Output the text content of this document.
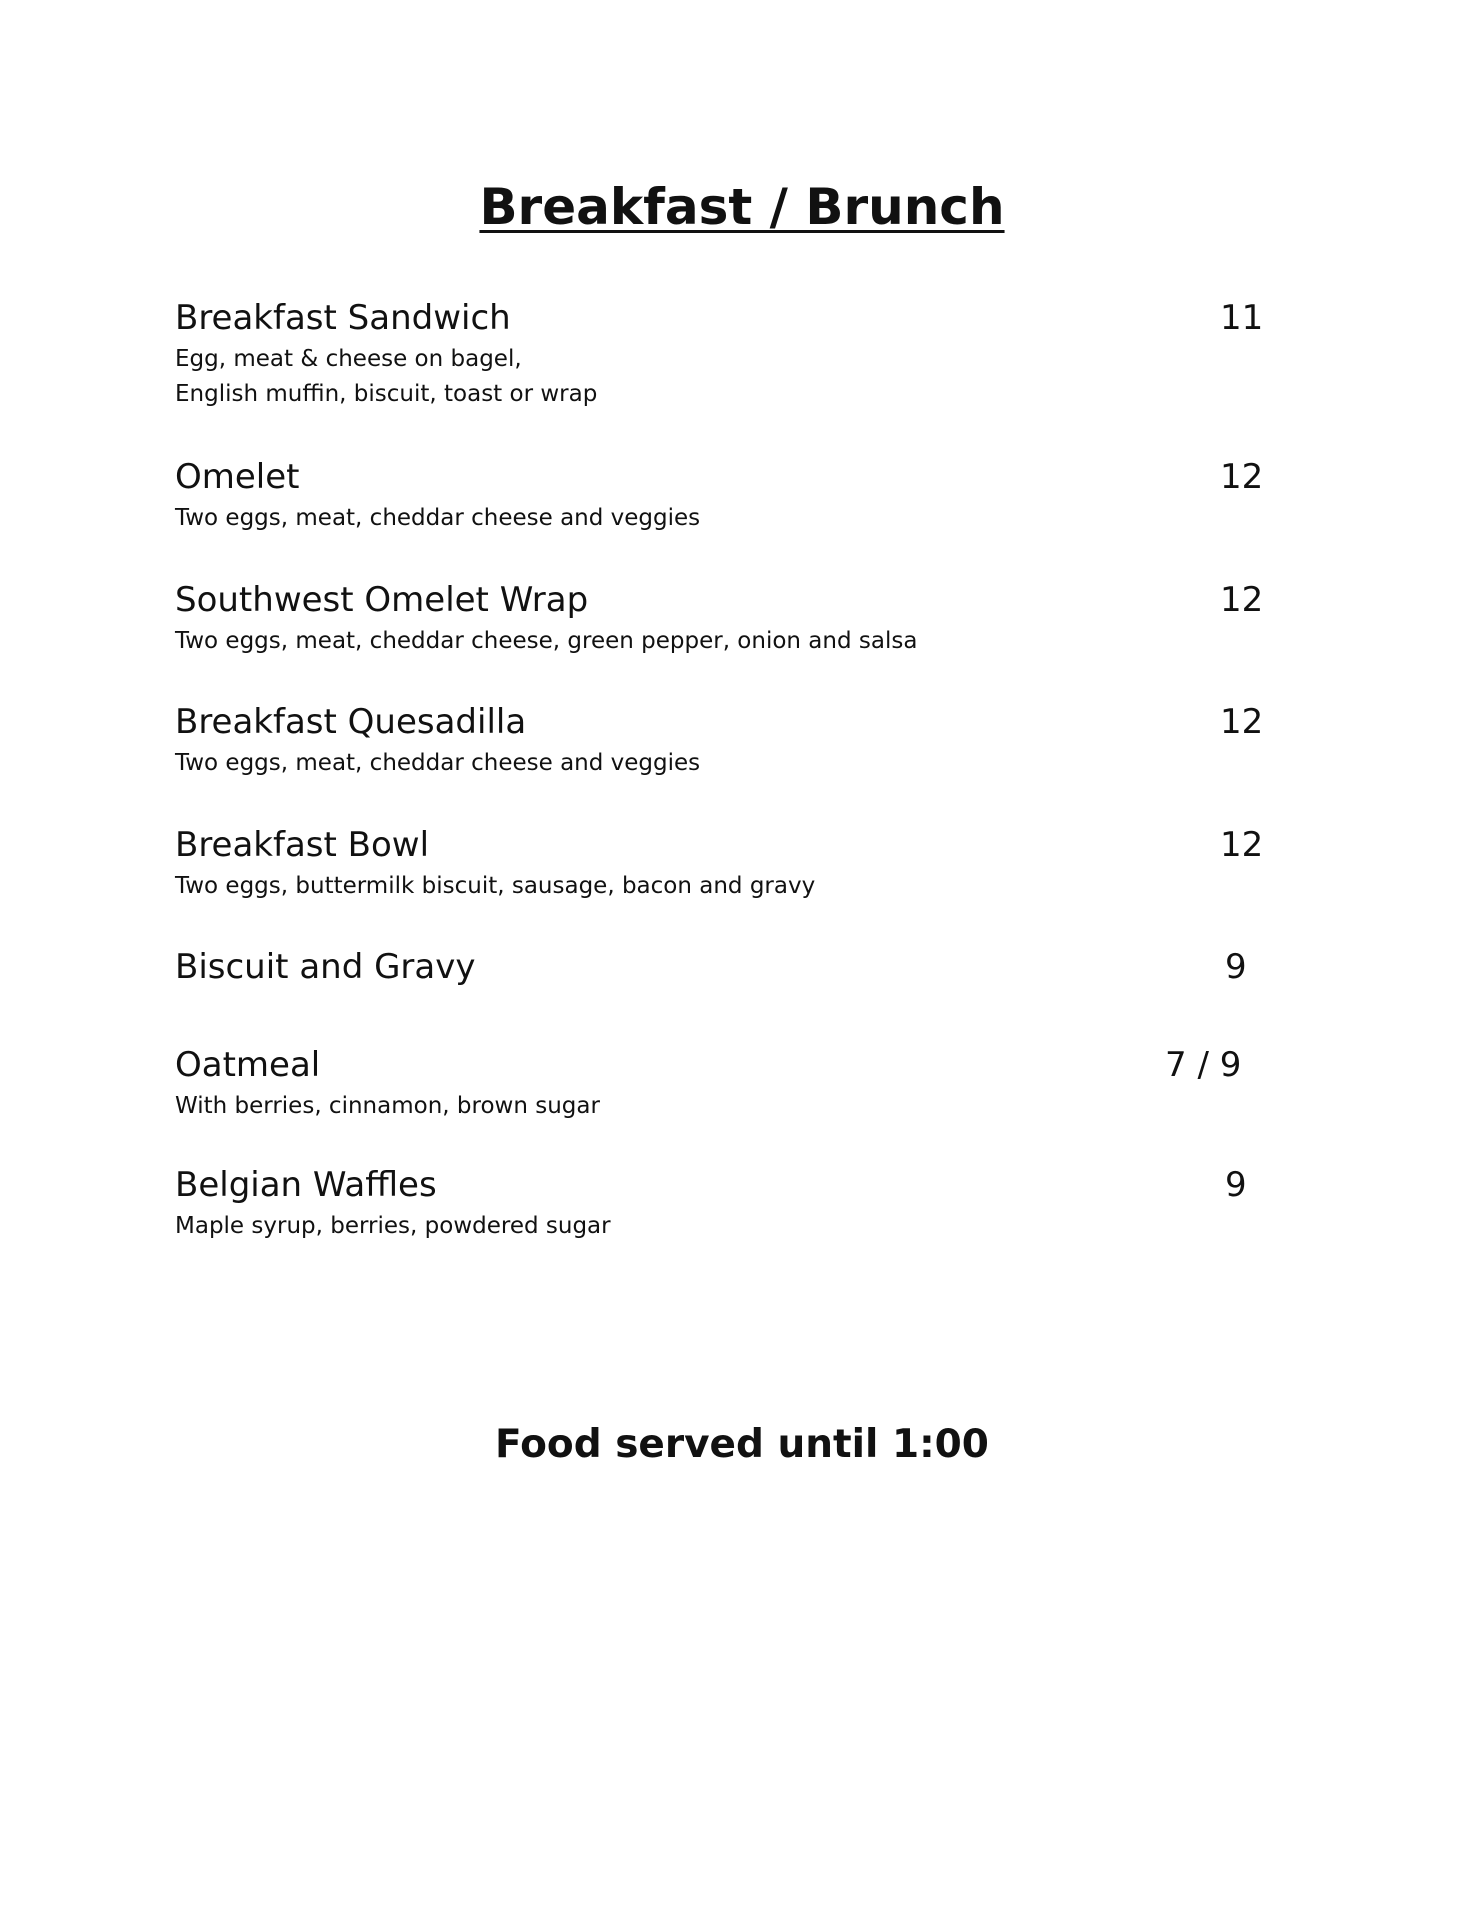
Breakfast / Brunch
Breakfast Sandwich
Egg, meat & cheese on bagel,
English muffin, biscuit, toast or wrap
11
Omelet
Two eggs, meat, cheddar cheese and veggies
12
Southwest Omelet Wrap
Two eggs, meat, cheddar cheese, green pepper, onion and salsa
12
Breakfast Quesadilla
Two eggs, meat, cheddar cheese and veggies
12
Breakfast Bowl
Two eggs, buttermilk biscuit, sausage, bacon and gravy
12
Biscuit and Gravy	9
Oatmeal
With berries, cinnamon, brown sugar
7 / 9
Belgian Waffles
Maple syrup, berries, powdered sugar
9

Food served until 1:00
